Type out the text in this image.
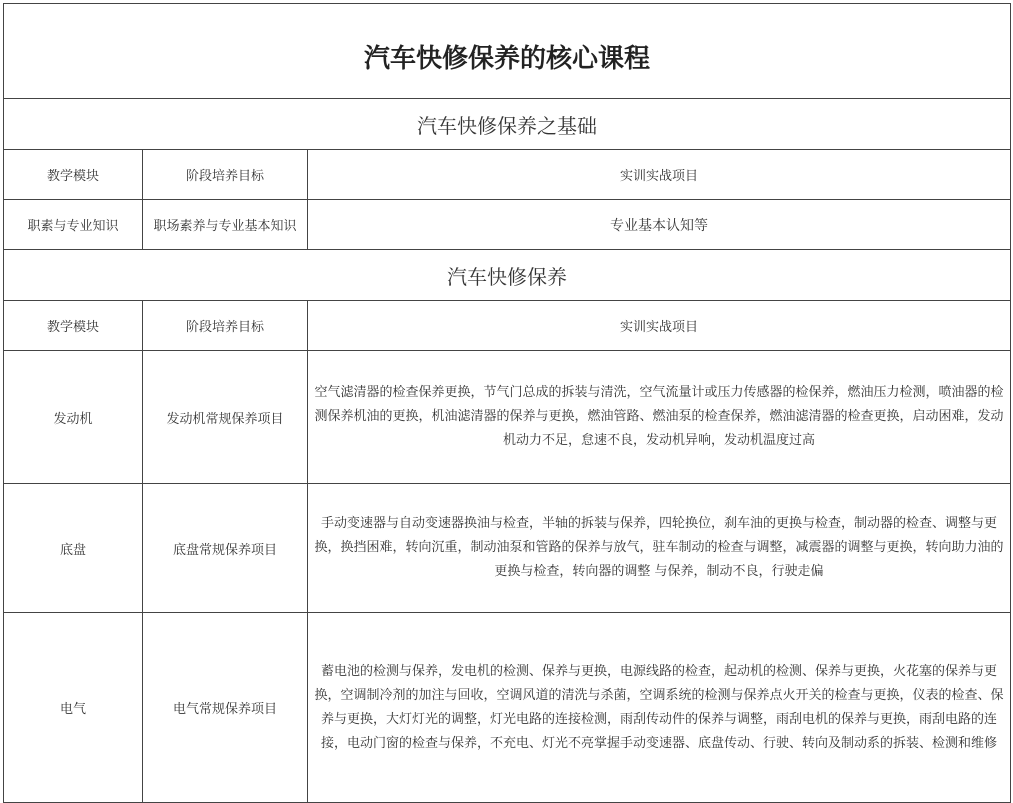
汽车快修保养的核心课程		
汽车快修保养之基础		
教学模块	阶段培养目标	实训实战项目
职素与专业知识	职场素养与专业基本知识	专业基本认知等
汽车快修保养		
教学模块	阶段培养目标	实训实战项目
发动机	发动机常规保养项目	空气滤清器的检查保养更换，节气门总成的拆装与清洗，空气流量计或压力传感器的检保养，燃油压力检测，喷油器的检测保养机油的更换，机油滤清器的保养与更换，燃油管路、燃油泵的检查保养，燃油滤清器的检查更换，启动困难，发动机动力不足，怠速不良，发动机异响，发动机温度过高
底盘	底盘常规保养项目	手动变速器与自动变速器换油与检查，半轴的拆装与保养，四轮换位，刹车油的更换与检查，制动器的检查、调整与更换，换挡困难，转向沉重，制动油泵和管路的保养与放气，驻车制动的检查与调整，减震器的调整与更换，转向助力油的更换与检查，转向器的调整 与保养，制动不良，行驶走偏
电气	电气常规保养项目	蓄电池的检测与保养，发电机的检测、保养与更换，电源线路的检查，起动机的检测、保养与更换，火花塞的保养与更换，空调制冷剂的加注与回收，空调风道的清洗与杀菌，空调系统的检测与保养点火开关的检查与更换，仪表的检查、保养与更换，大灯灯光的调整，灯光电路的连接检测，雨刮传动件的保养与调整，雨刮电机的保养与更换，雨刮电路的连接，电动门窗的检查与保养，不充电、灯光不亮掌握手动变速器、底盘传动、行驶、转向及制动系的拆装、检测和维修
